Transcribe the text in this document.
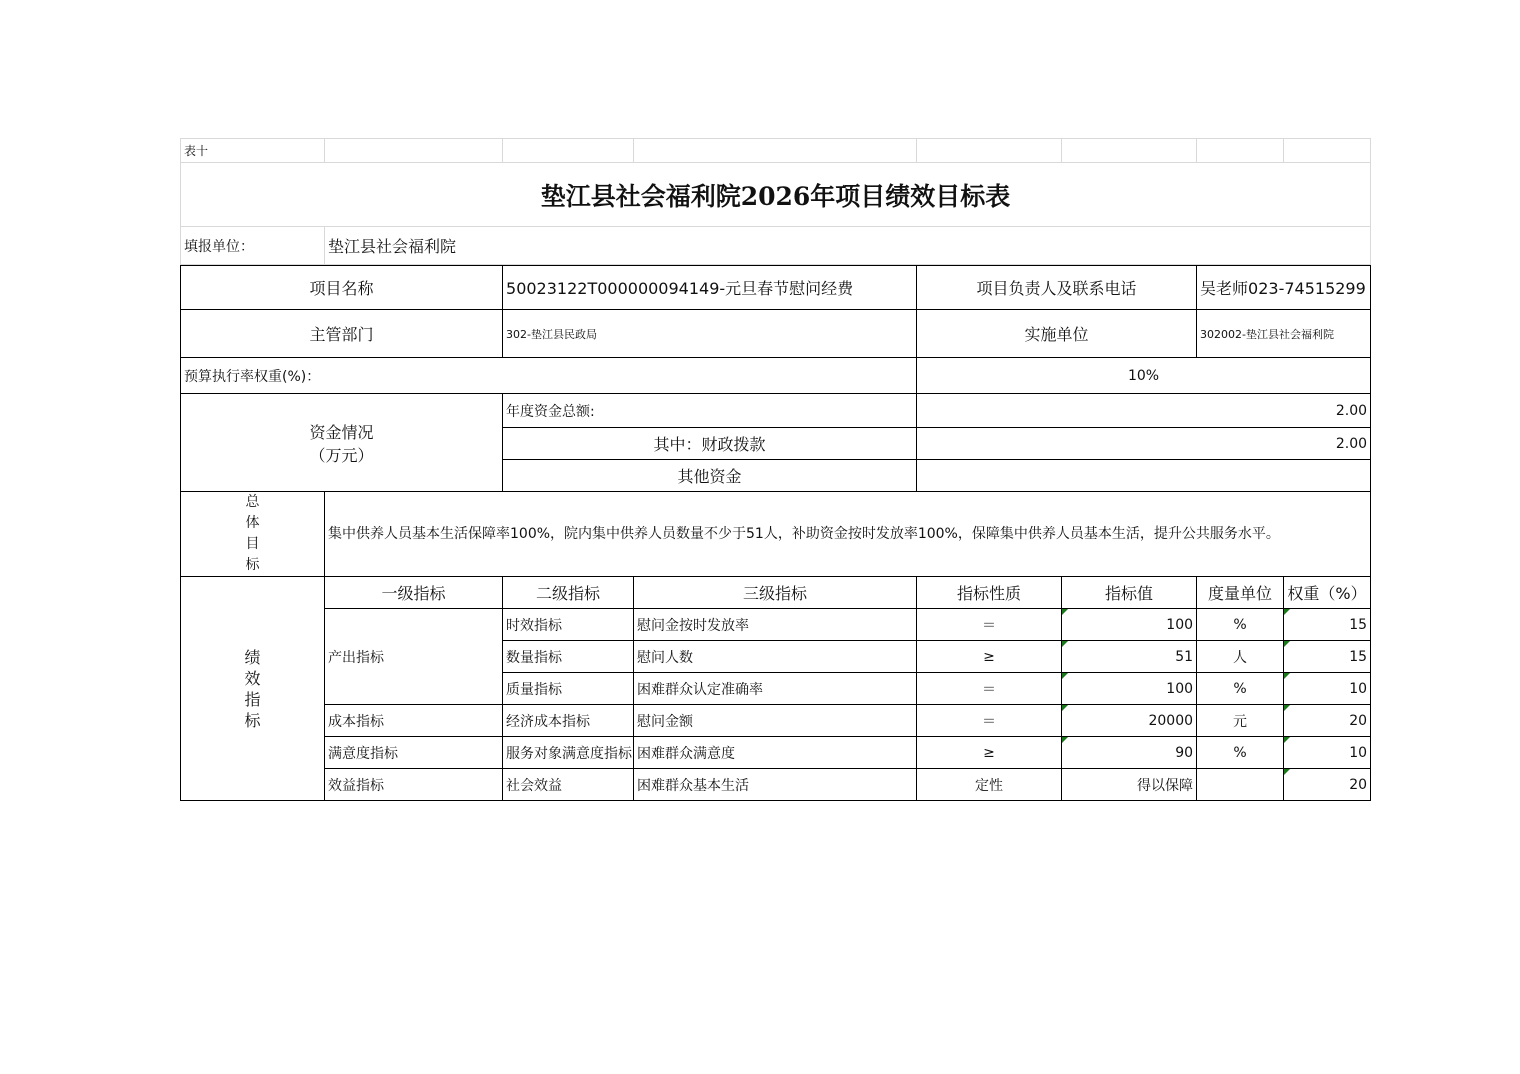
表十							
垫江县社会福利院2026年项目绩效目标表							
填报单位：	垫江县社会福利院						
项目名称		50023122T000000094149-元旦春节慰问经费		项目负责人及联系电话		吴老师023-74515299	
主管部门		302-垫江县民政局		实施单位		302002-垫江县社会福利院	
预算执行率权重(%)：				10%			

资金情况
（万元）		年度资金总额:		2.00			
		其中：财政拨款		2.00			
		其他资金					

总体目标	集中供养人员基本生活保障率100%，院内集中供养人员数量不少于51人，补助资金按时发放率100%，保障集中供养人员基本生活，提升公共服务水平。						

绩效指标	一级指标	二级指标	三级指标	指标性质	指标值	度量单位	权重（%）
	产出指标	时效指标	慰问金按时发放率	＝	100	%	15
		数量指标	慰问人数	≥	51	人	15
		质量指标	困难群众认定准确率	＝	100	%	10
	成本指标	经济成本指标	慰问金额	＝	20000	元	20
	满意度指标	服务对象满意度指标	困难群众满意度	≥	90	%	10
	效益指标	社会效益	困难群众基本生活	定性	得以保障		20
